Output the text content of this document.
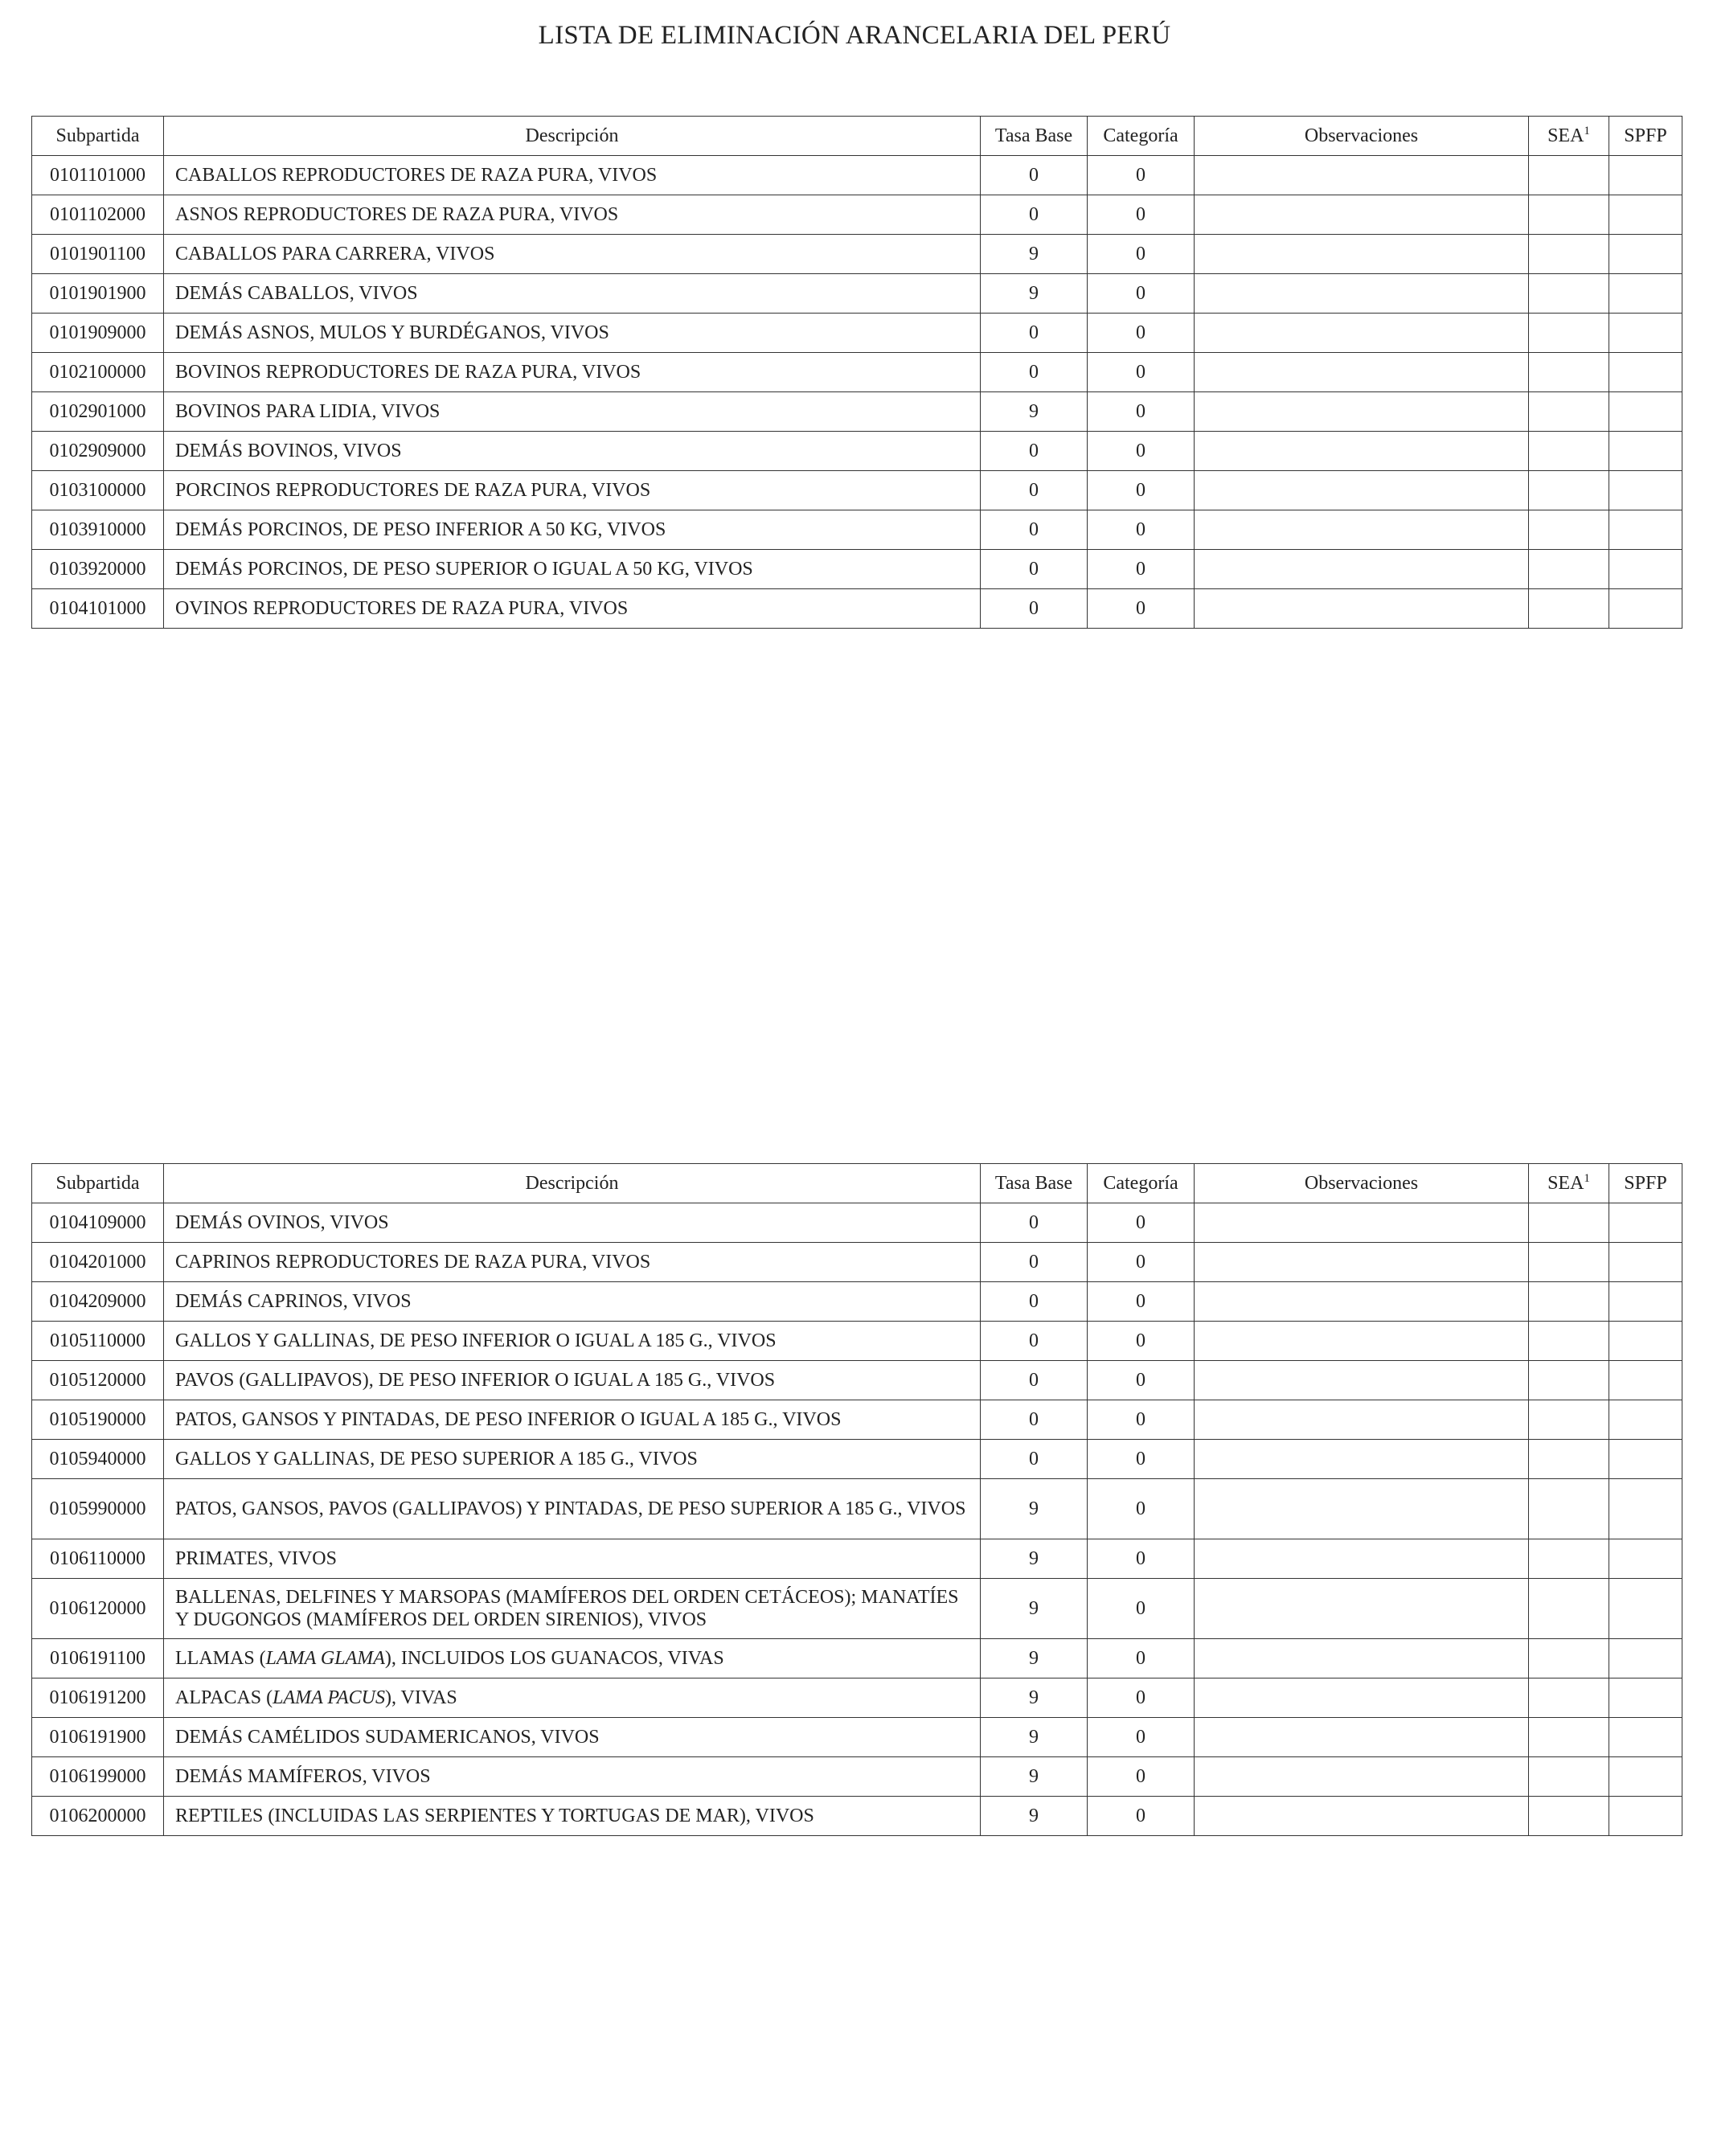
LISTA DE ELIMINACIÓN ARANCELARIA DEL PERÚ
Subpartida	Descripción	Tasa Base	Categoría	Observaciones	SEA$^1$	SPFP
0101101000	CABALLOS REPRODUCTORES DE RAZA PURA, VIVOS	0	0			
0101102000	ASNOS REPRODUCTORES DE RAZA PURA, VIVOS	0	0			
0101901100	CABALLOS PARA CARRERA, VIVOS	9	0			
0101901900	DEMÁS CABALLOS, VIVOS	9	0			
0101909000	DEMÁS ASNOS, MULOS Y BURDÉGANOS, VIVOS	0	0			
0102100000	BOVINOS REPRODUCTORES DE RAZA PURA, VIVOS	0	0			
0102901000	BOVINOS PARA LIDIA, VIVOS	9	0			
0102909000	DEMÁS BOVINOS, VIVOS	0	0			
0103100000	PORCINOS REPRODUCTORES DE RAZA PURA, VIVOS	0	0			
0103910000	DEMÁS PORCINOS, DE PESO INFERIOR A 50 KG, VIVOS	0	0			
0103920000	DEMÁS PORCINOS, DE PESO SUPERIOR O IGUAL A 50 KG, VIVOS	0	0			
0104101000	OVINOS REPRODUCTORES DE RAZA PURA, VIVOS	0	0			
Subpartida	Descripción	Tasa Base	Categoría	Observaciones	SEA$^1$	SPFP
0104109000	DEMÁS OVINOS, VIVOS	0	0			
0104201000	CAPRINOS REPRODUCTORES DE RAZA PURA, VIVOS	0	0			
0104209000	DEMÁS CAPRINOS, VIVOS	0	0			
0105110000	GALLOS Y GALLINAS, DE PESO INFERIOR O IGUAL A 185 G., VIVOS	0	0			
0105120000	PAVOS (GALLIPAVOS), DE PESO INFERIOR O IGUAL A 185 G., VIVOS	0	0			
0105190000	PATOS, GANSOS Y PINTADAS, DE PESO INFERIOR O IGUAL A 185 G., VIVOS	0	0			
0105940000	GALLOS Y GALLINAS, DE PESO SUPERIOR A 185 G., VIVOS	0	0			
0105990000	PATOS, GANSOS, PAVOS (GALLIPAVOS) Y PINTADAS, DE PESO SUPERIOR A 185 G., VIVOS	9	0			
0106110000	PRIMATES, VIVOS	9	0			
0106120000	BALLENAS, DELFINES Y MARSOPAS (MAMÍFEROS DEL ORDEN CETÁCEOS); MANATÍES Y DUGONGOS (MAMÍFEROS DEL ORDEN SIRENIOS), VIVOS	9	0			
0106191100	LLAMAS (LAMA GLAMA), INCLUIDOS LOS GUANACOS, VIVAS	9	0			
0106191200	ALPACAS (LAMA PACUS), VIVAS	9	0			
0106191900	DEMÁS CAMÉLIDOS SUDAMERICANOS, VIVOS	9	0			
0106199000	DEMÁS MAMÍFEROS, VIVOS	9	0			
0106200000	REPTILES (INCLUIDAS LAS SERPIENTES Y TORTUGAS DE MAR), VIVOS	9	0			
